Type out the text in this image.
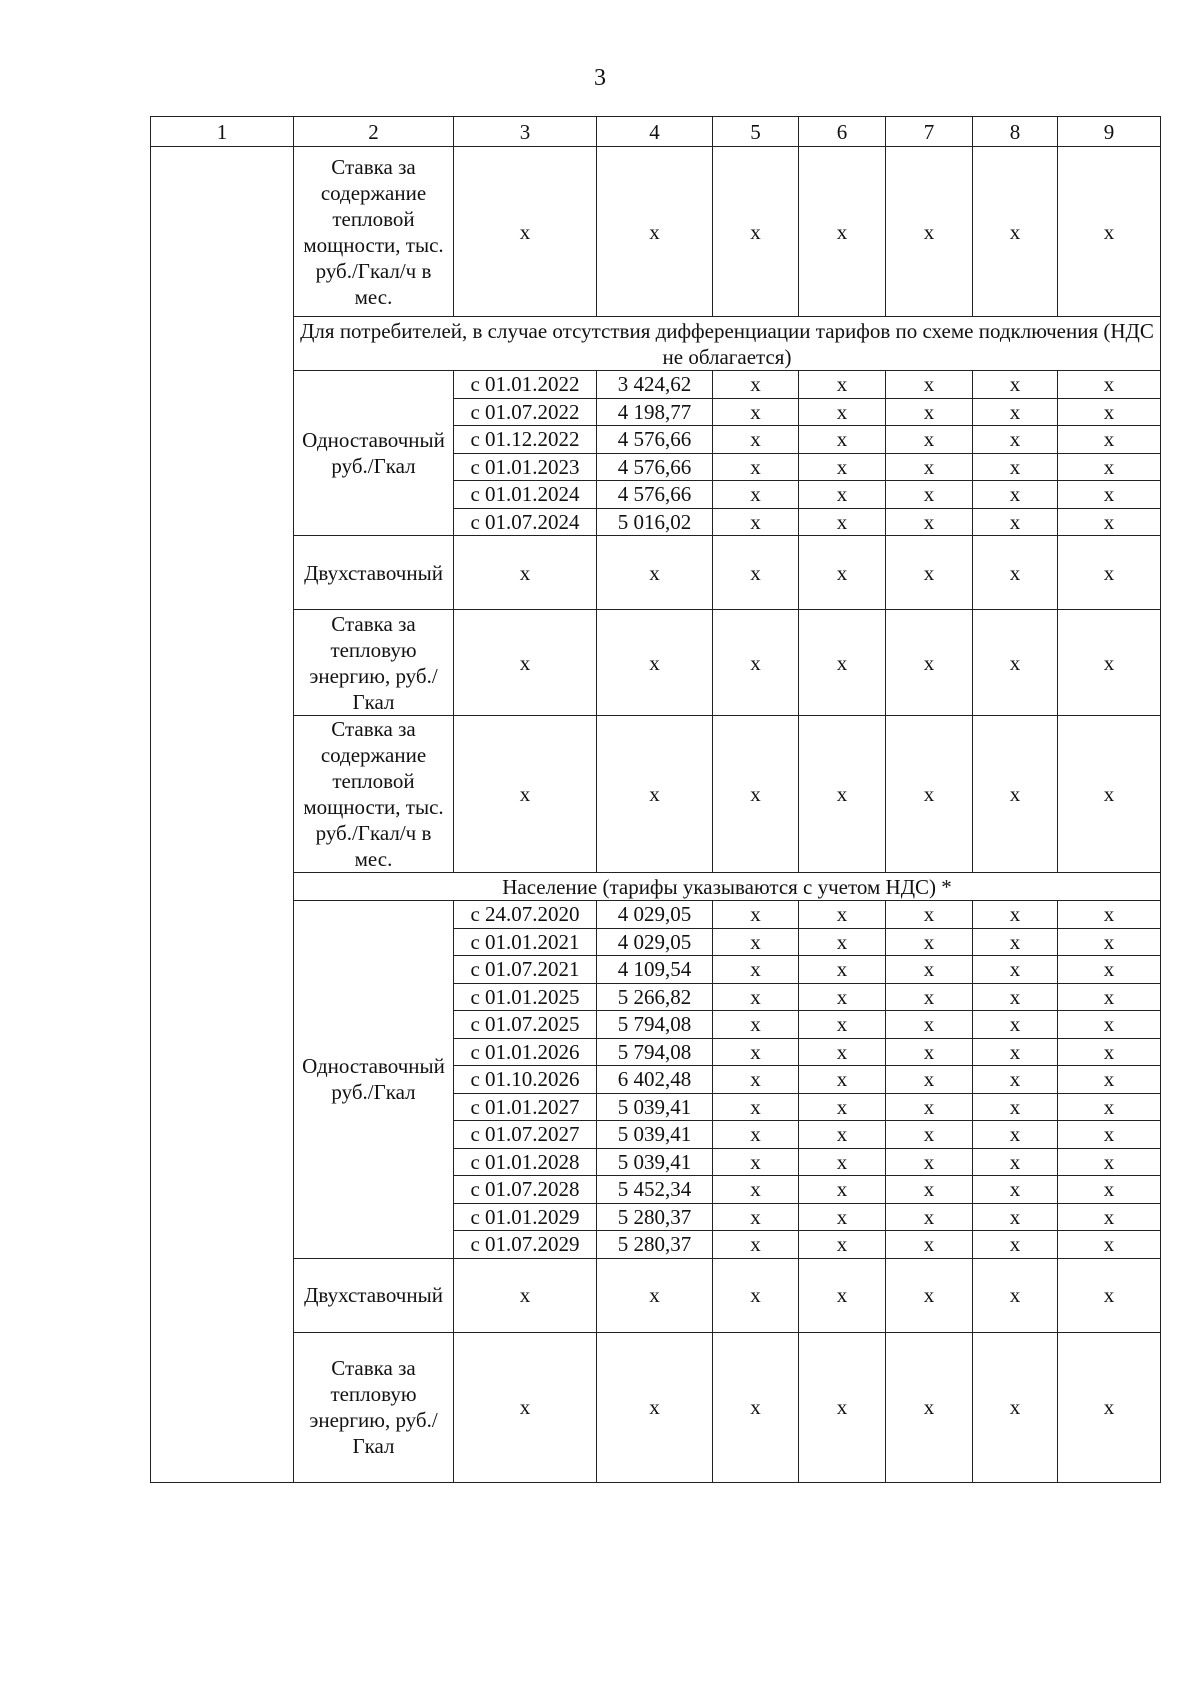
3
1	2	3	4	5	6	7	8	9
	Ставка за содержание тепловой мощности, тыс. руб./Гкал/ч в мес.	х	х	х	х	х	х	х
	Для потребителей, в случае отсутствия дифференциации тарифов по схеме подключения (НДС не облагается)							
	Одноставочный руб./Гкал	с 01.01.2022	3 424,62	х	х	х	х	х
		с 01.07.2022	4 198,77	х	х	х	х	х
		с 01.12.2022	4 576,66	х	х	х	х	х
		с 01.01.2023	4 576,66	х	х	х	х	х
		с 01.01.2024	4 576,66	х	х	х	х	х
		с 01.07.2024	5 016,02	х	х	х	х	х
	Двухставочный	х	х	х	х	х	х	х
	Ставка за тепловую энергию, руб./Гкал	х	х	х	х	х	х	х
	Ставка за содержание тепловой мощности, тыс. руб./Гкал/ч в мес.	х	х	х	х	х	х	х
	Население (тарифы указываются с учетом НДС) *							
	Одноставочный руб./Гкал	с 24.07.2020	4 029,05	х	х	х	х	х
		с 01.01.2021	4 029,05	х	х	х	х	х
		с 01.07.2021	4 109,54	х	х	х	х	х
		с 01.01.2025	5 266,82	х	х	х	х	х
		с 01.07.2025	5 794,08	х	х	х	х	х
		с 01.01.2026	5 794,08	х	х	х	х	х
		с 01.10.2026	6 402,48	х	х	х	х	х
		с 01.01.2027	5 039,41	х	х	х	х	х
		с 01.07.2027	5 039,41	х	х	х	х	х
		с 01.01.2028	5 039,41	х	х	х	х	х
		с 01.07.2028	5 452,34	х	х	х	х	х
		с 01.01.2029	5 280,37	х	х	х	х	х
		с 01.07.2029	5 280,37	х	х	х	х	х
	Двухставочный	х	х	х	х	х	х	х
	Ставка за тепловую энергию, руб./Гкал	х	х	х	х	х	х	х
